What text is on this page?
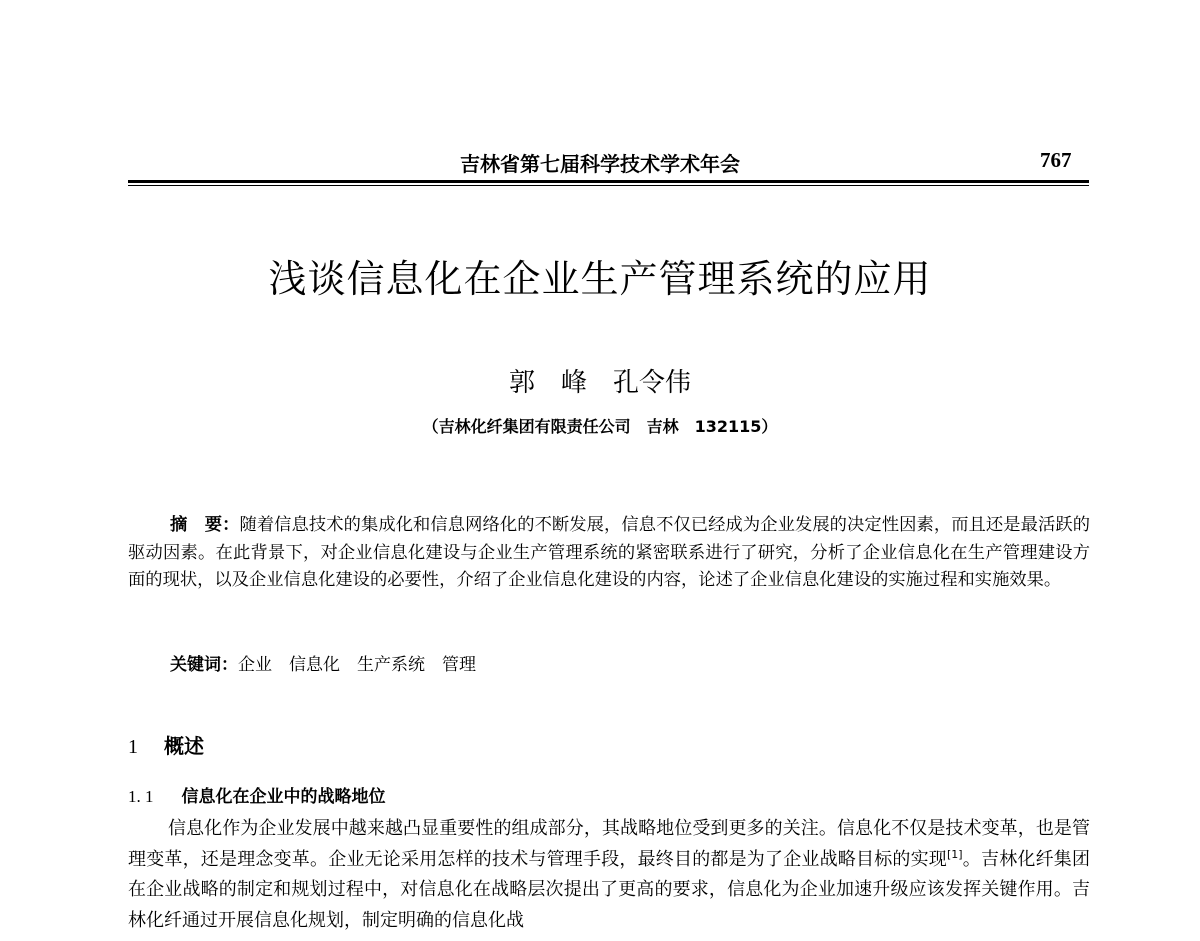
吉林省第七届科学技术学术年会	767
浅谈信息化在企业生产管理系统的应用
郭　峰　孔令伟
（吉林化纤集团有限责任公司　吉林　132115）

摘　要：随着信息技术的集成化和信息网络化的不断发展，信息不仅已经成为企业发展的决定性因素，而且还是最活跃的驱动因素。在此背景下，对企业信息化建设与企业生产管理系统的紧密联系进行了研究，分析了企业信息化在生产管理建设方面的现状，以及企业信息化建设的必要性，介绍了企业信息化建设的内容，论述了企业信息化建设的实施过程和实施效果。

关键词：企业　信息化　生产系统　管理
1 概述
1. 1 信息化在企业中的战略地位

信息化作为企业发展中越来越凸显重要性的组成部分，其战略地位受到更多的关注。信息化不仅是技术变革，也是管理变革，还是理念变革。企业无论采用怎样的技术与管理手段，最终目的都是为了企业战略目标的实现[1]。吉林化纤集团在企业战略的制定和规划过程中，对信息化在战略层次提出了更高的要求，信息化为企业加速升级应该发挥关键作用。吉林化纤通过开展信息化规划，制定明确的信息化战
